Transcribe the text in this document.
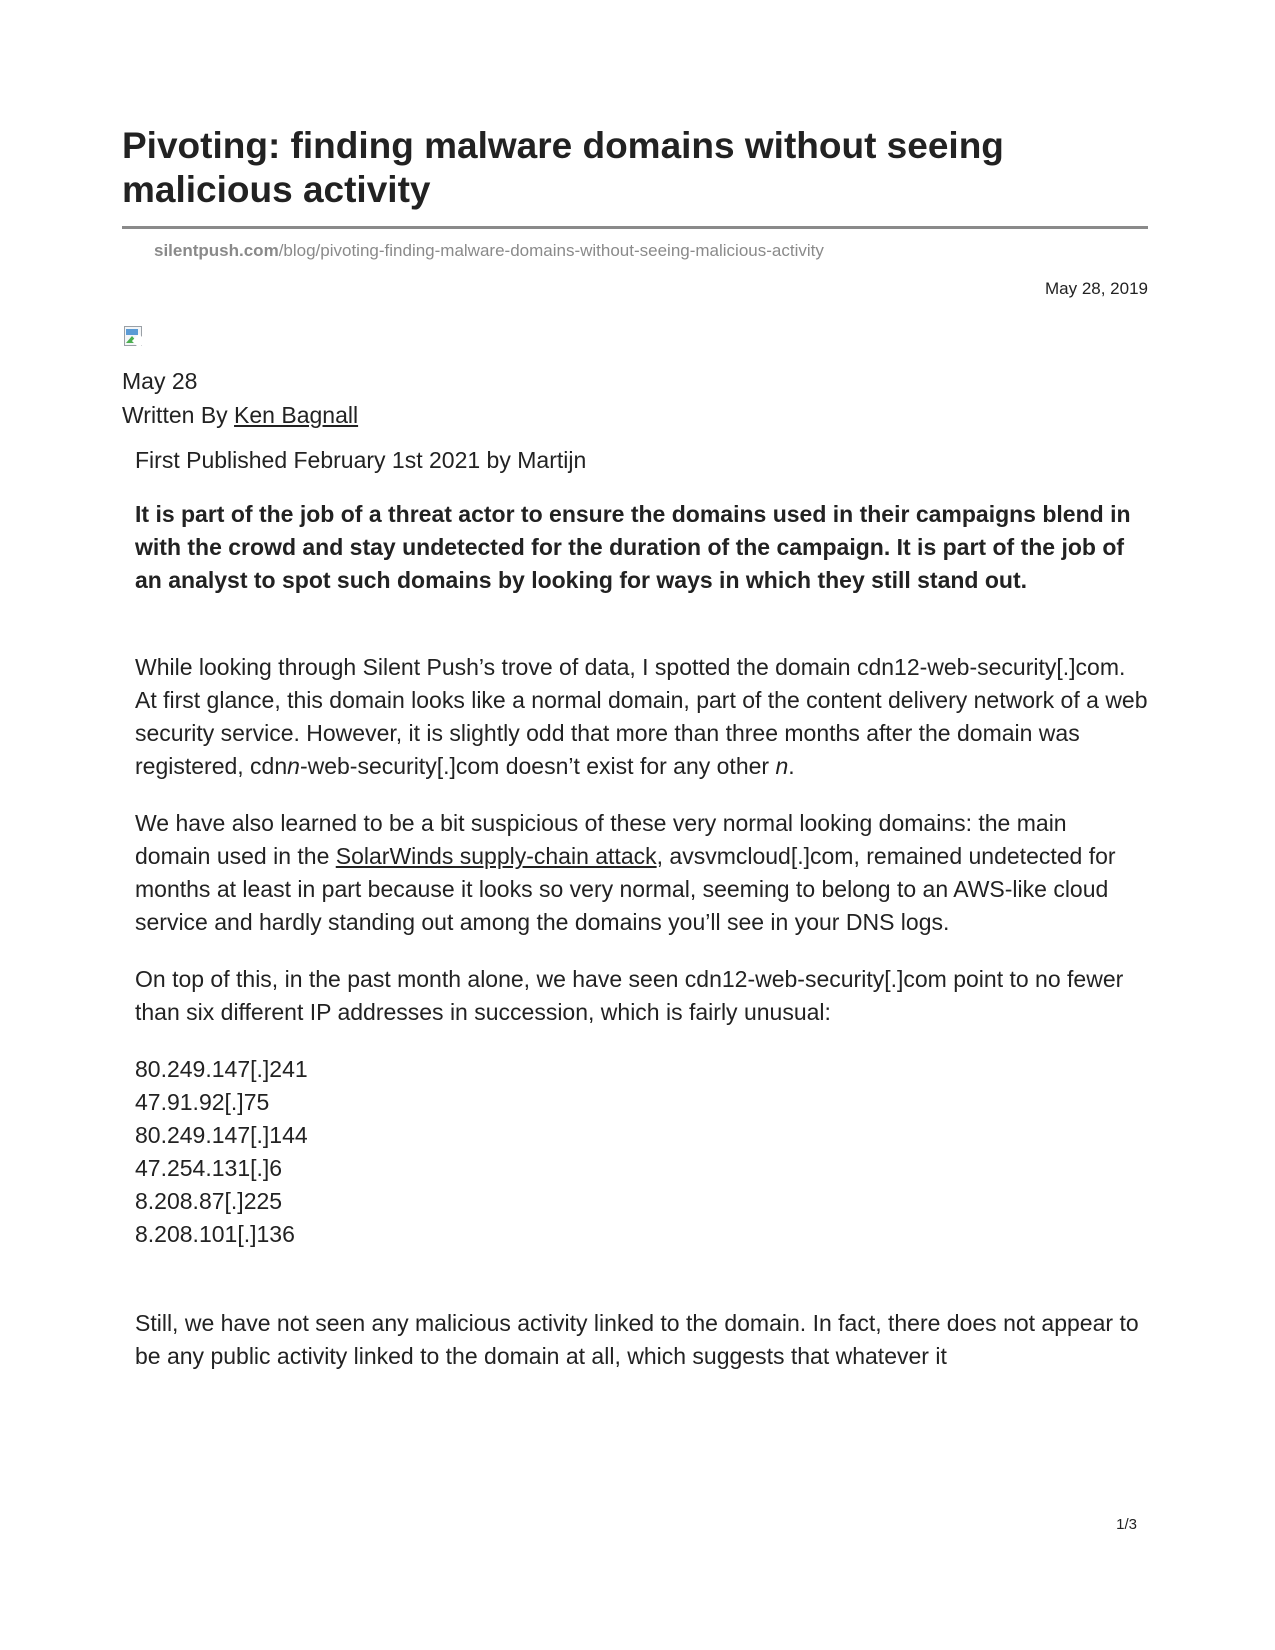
Pivoting: finding malware domains without seeing malicious activity
silentpush.com/blog/pivoting-finding-malware-domains-without-seeing-malicious-activity
May 28, 2019
May 28
Written By Ken Bagnall

First Published February 1st 2021 by Martijn

It is part of the job of a threat actor to ensure the domains used in their campaigns blend in with the crowd and stay undetected for the duration of the campaign. It is part of the job of an analyst to spot such domains by looking for ways in which they still stand out.

While looking through Silent Push’s trove of data, I spotted the domain cdn12-web-security[.]com. At first glance, this domain looks like a normal domain, part of the content delivery network of a web security service. However, it is slightly odd that more than three months after the domain was registered, cdnn-web-security[.]com doesn’t exist for any other n.

We have also learned to be a bit suspicious of these very normal looking domains: the main domain used in the SolarWinds supply-chain attack, avsvmcloud[.]com, remained undetected for months at least in part because it looks so very normal, seeming to belong to an AWS-like cloud service and hardly standing out among the domains you’ll see in your DNS logs.

On top of this, in the past month alone, we have seen cdn12-web-security[.]com point to no fewer than six different IP addresses in succession, which is fairly unusual:

80.249.147[.]241
47.91.92[.]75
80.249.147[.]144
47.254.131[.]6
8.208.87[.]225
8.208.101[.]136

Still, we have not seen any malicious activity linked to the domain. In fact, there does not appear to be any public activity linked to the domain at all, which suggests that whatever it

1/3
